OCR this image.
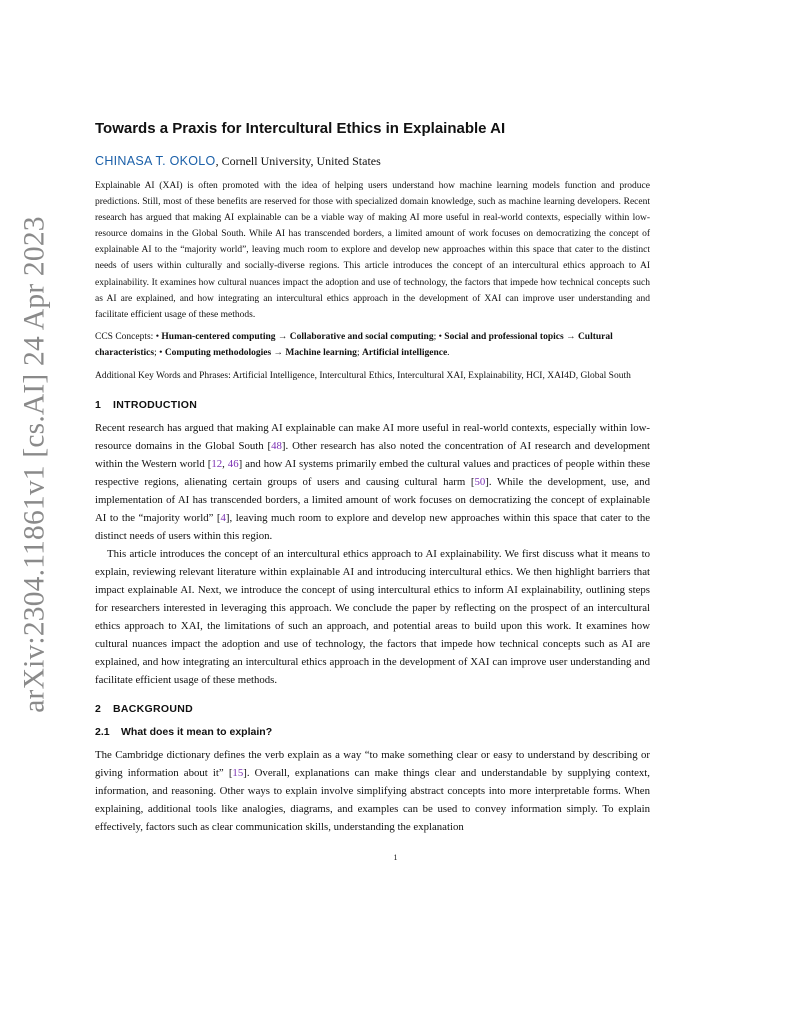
arXiv:2304.11861v1 [cs.AI] 24 Apr 2023
Towards a Praxis for Intercultural Ethics in Explainable AI
CHINASA T. OKOLO, Cornell University, United States

Explainable AI (XAI) is often promoted with the idea of helping users understand how machine learning models function and produce predictions. Still, most of these benefits are reserved for those with specialized domain knowledge, such as machine learning developers. Recent research has argued that making AI explainable can be a viable way of making AI more useful in real-world contexts, especially within low-resource domains in the Global South. While AI has transcended borders, a limited amount of work focuses on democratizing the concept of explainable AI to the “majority world”, leaving much room to explore and develop new approaches within this space that cater to the distinct needs of users within culturally and socially-diverse regions. This article introduces the concept of an intercultural ethics approach to AI explainability. It examines how cultural nuances impact the adoption and use of technology, the factors that impede how technical concepts such as AI are explained, and how integrating an intercultural ethics approach in the development of XAI can improve user understanding and facilitate efficient usage of these methods.

CCS Concepts: • Human-centered computing → Collaborative and social computing; • Social and professional topics → Cultural characteristics; • Computing methodologies → Machine learning; Artificial intelligence.
Additional Key Words and Phrases: Artificial Intelligence, Intercultural Ethics, Intercultural XAI, Explainability, HCI, XAI4D, Global South
1 INTRODUCTION

Recent research has argued that making AI explainable can make AI more useful in real-world contexts, especially within low-resource domains in the Global South [48]. Other research has also noted the concentration of AI research and development within the Western world [12, 46] and how AI systems primarily embed the cultural values and practices of people within these respective regions, alienating certain groups of users and causing cultural harm [50]. While the development, use, and implementation of AI has transcended borders, a limited amount of work focuses on democratizing the concept of explainable AI to the “majority world” [4], leaving much room to explore and develop new approaches within this space that cater to the distinct needs of users within this region.

This article introduces the concept of an intercultural ethics approach to AI explainability. We first discuss what it means to explain, reviewing relevant literature within explainable AI and introducing intercultural ethics. We then highlight barriers that impact explainable AI. Next, we introduce the concept of using intercultural ethics to inform AI explainability, outlining steps for researchers interested in leveraging this approach. We conclude the paper by reflecting on the prospect of an intercultural ethics approach to XAI, the limitations of such an approach, and potential areas to build upon this work. It examines how cultural nuances impact the adoption and use of technology, the factors that impede how technical concepts such as AI are explained, and how integrating an intercultural ethics approach in the development of XAI can improve user understanding and facilitate efficient usage of these methods.

2 BACKGROUND
2.1 What does it mean to explain?

The Cambridge dictionary defines the verb explain as a way “to make something clear or easy to understand by describing or giving information about it” [15]. Overall, explanations can make things clear and understandable by supplying context, information, and reasoning. Other ways to explain involve simplifying abstract concepts into more interpretable forms. When explaining, additional tools like analogies, diagrams, and examples can be used to convey information simply. To explain effectively, factors such as clear communication skills, understanding the explanation

1
